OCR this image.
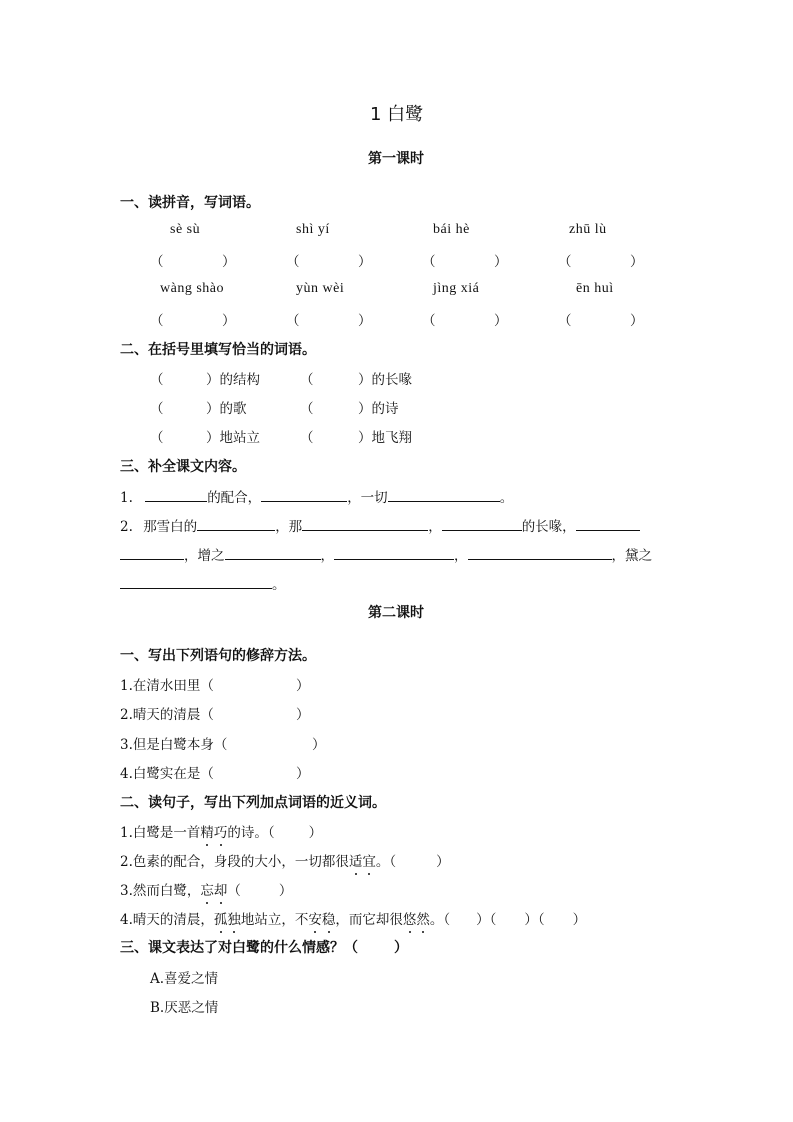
1 白鹭
第一课时
一、读拼音，写词语。
sè sù	shì yí	bái hè	zhū lù
（	）	（	）	（	）	（	）
wàng shào	yùn wèi	jìng xiá	ēn huì
（	）	（	）	（	）	（	）
二、在括号里填写恰当的词语。
（	）的结构	（	）的长喙
（	）的歌	（	）的诗
（	）地站立	（	）地飞翔
三、补全课文内容。
1.	的配合，	，一切	。
2. 那雪白的	，那	，	的长喙，
，增之	，	，	，黛之
。
第二课时
一、写出下列语句的修辞方法。
1.在清水田里（	）
2.晴天的清晨（	）
3.但是白鹭本身（	）
4.白鹭实在是（	）
二、读句子，写出下列加点词语的近义词。
1.白鹭是一首精巧的诗。（	）
2.色素的配合，身段的大小，一切都很适宜。（	）
3.然而白鹭，忘却（	）
4.晴天的清晨，孤独地站立，不安稳，而它却很悠然。（ ）（ ）（ ）
三、课文表达了对白鹭的什么情感？（	）
A.喜爱之情
B.厌恶之情
